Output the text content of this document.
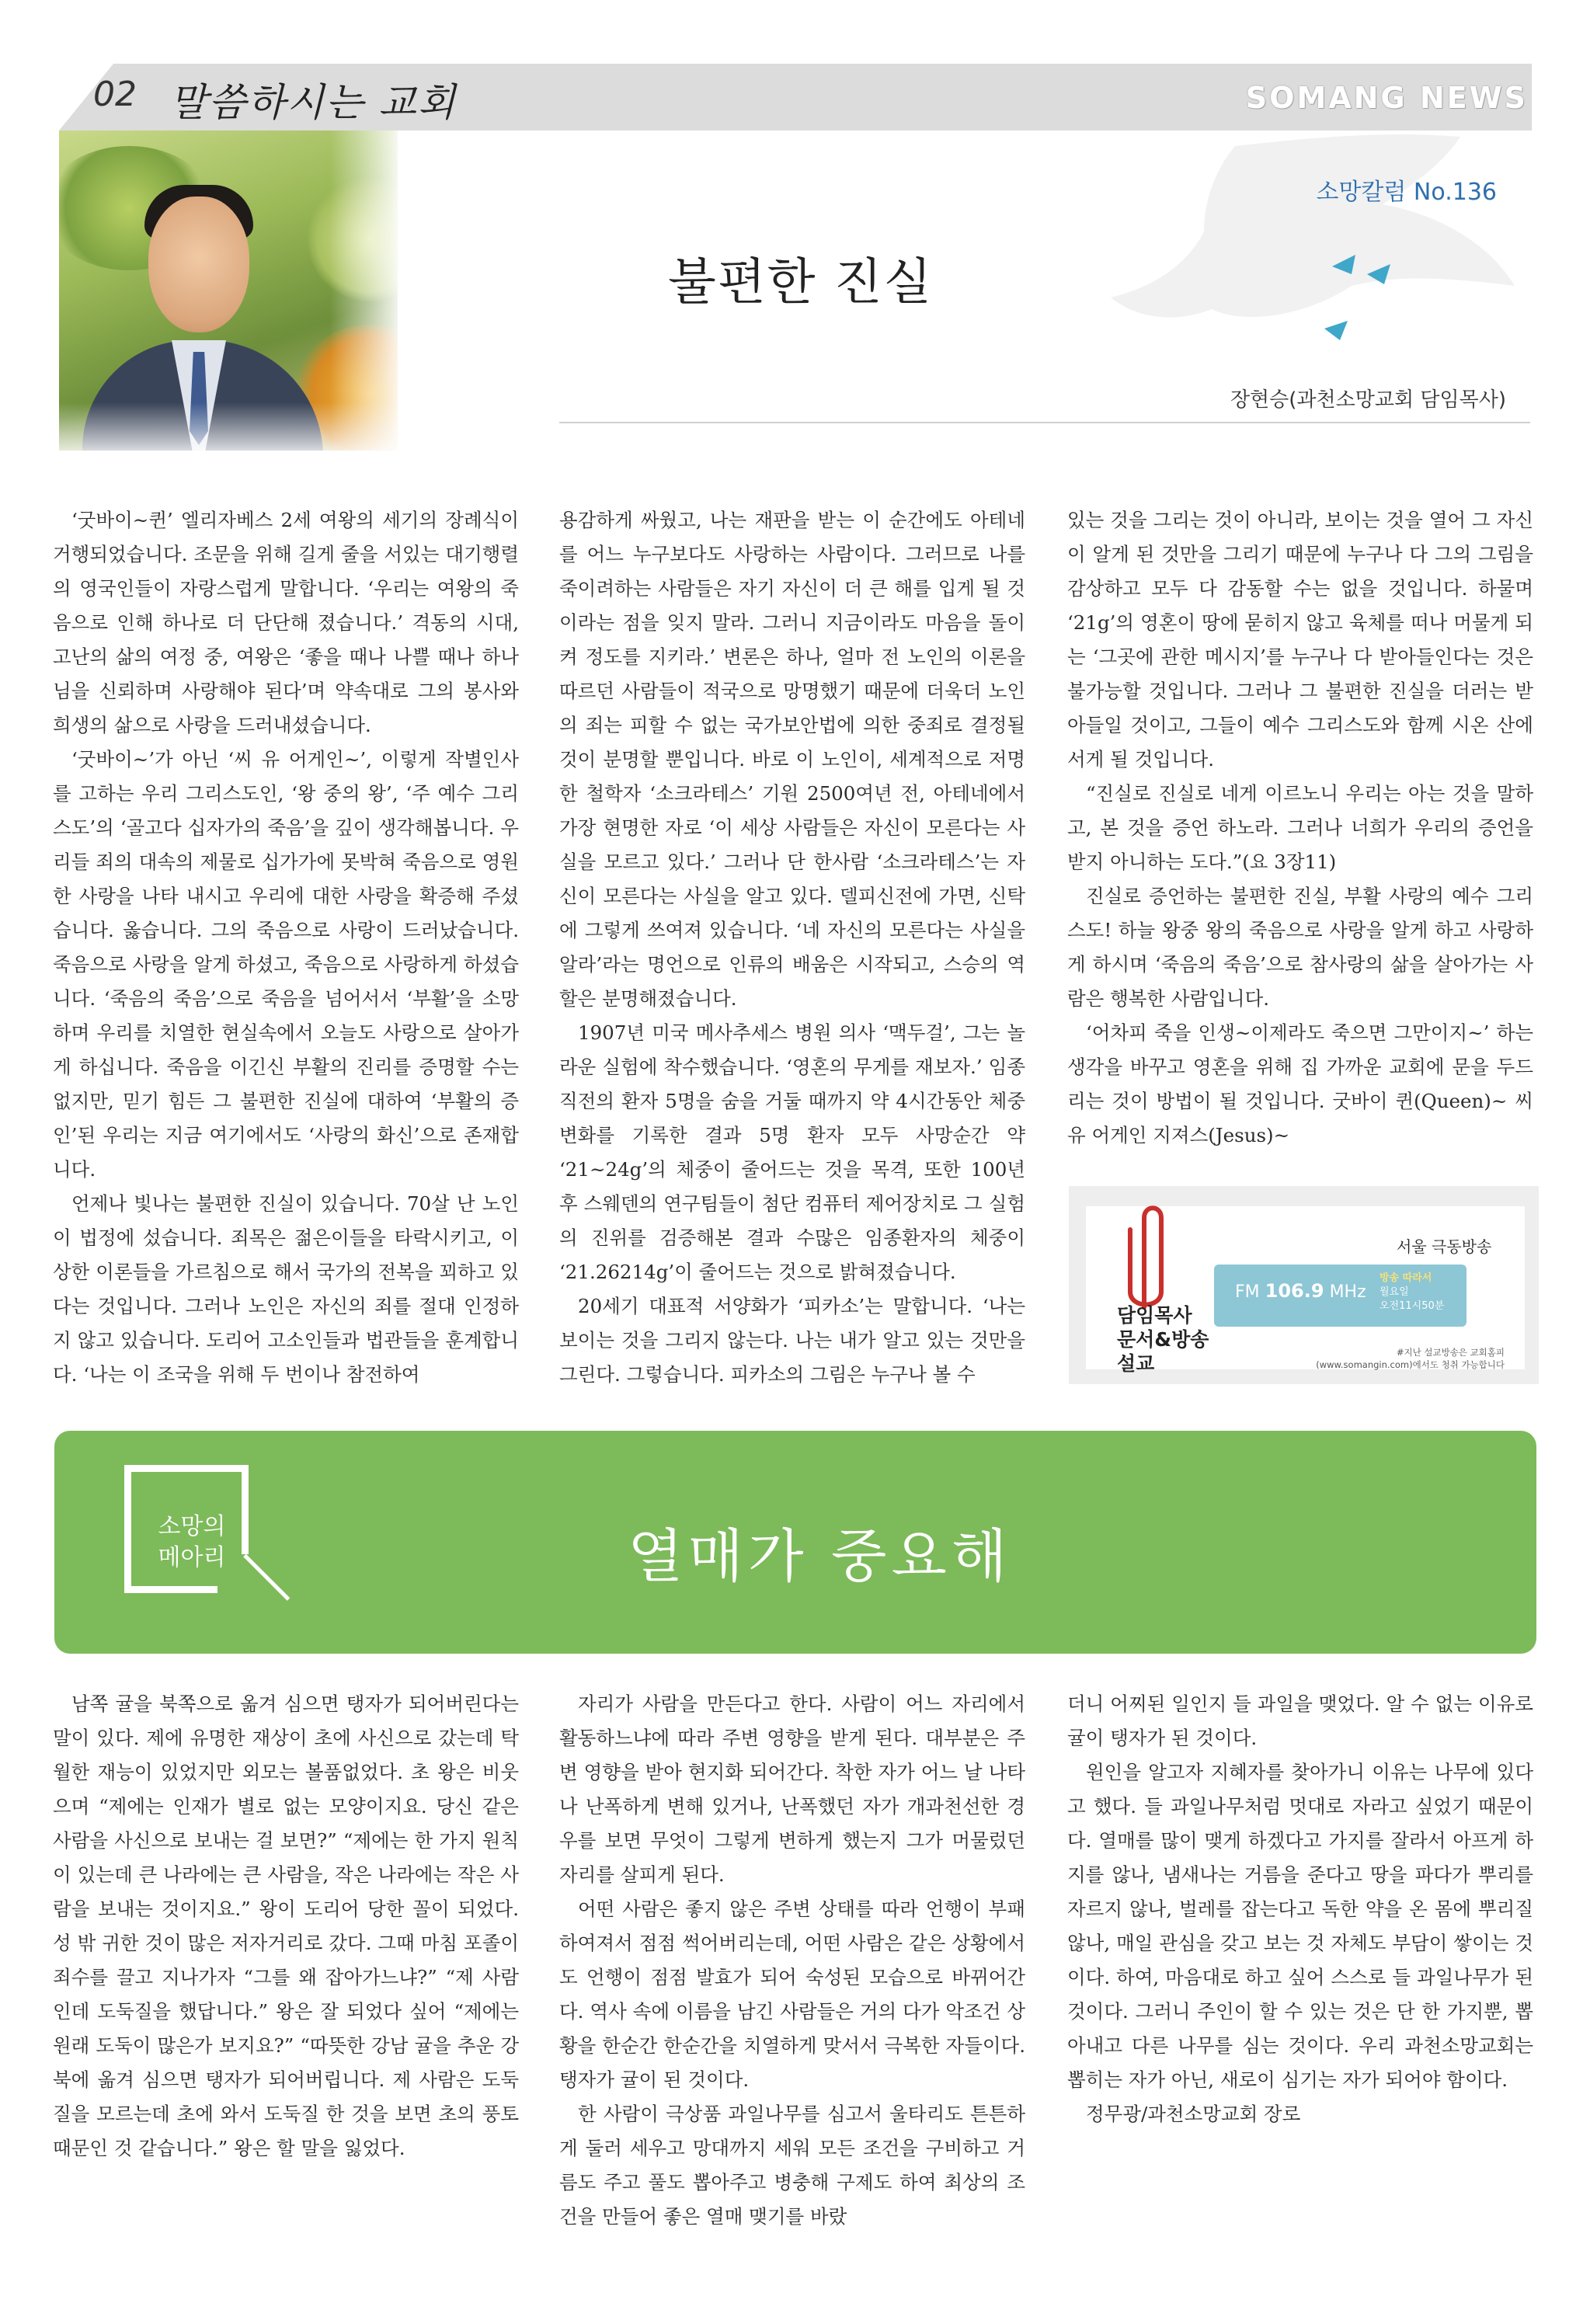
02 말씀하시는 교회	SOMANG NEWS
소망칼럼 No.136
불편한 진실
장현승(과천소망교회 담임목사)

‘굿바이~퀸’ 엘리자베스 2세 여왕의 세기의 장례식이 거행되었습니다. 조문을 위해 길게 줄을 서있는 대기행렬의 영국인들이 자랑스럽게 말합니다. ‘우리는 여왕의 죽음으로 인해 하나로 더 단단해 졌습니다.’ 격동의 시대, 고난의 삶의 여정 중, 여왕은 ‘좋을 때나 나쁠 때나 하나님을 신뢰하며 사랑해야 된다’며 약속대로 그의 봉사와 희생의 삶으로 사랑을 드러내셨습니다.

‘굿바이~’가 아닌 ‘씨 유 어게인~’, 이렇게 작별인사를 고하는 우리 그리스도인, ‘왕 중의 왕’, ‘주 예수 그리스도’의 ‘골고다 십자가의 죽음’을 깊이 생각해봅니다. 우리들 죄의 대속의 제물로 십가가에 못박혀 죽음으로 영원한 사랑을 나타 내시고 우리에 대한 사랑을 확증해 주셨습니다. 옳습니다. 그의 죽음으로 사랑이 드러났습니다. 죽음으로 사랑을 알게 하셨고, 죽음으로 사랑하게 하셨습니다. ‘죽음의 죽음’으로 죽음을 넘어서서 ‘부활’을 소망하며 우리를 치열한 현실속에서 오늘도 사랑으로 살아가게 하십니다. 죽음을 이긴신 부활의 진리를 증명할 수는 없지만, 믿기 힘든 그 불편한 진실에 대하여 ‘부활의 증인’된 우리는 지금 여기에서도 ‘사랑의 화신’으로 존재합니다.

언제나 빛나는 불편한 진실이 있습니다. 70살 난 노인이 법정에 섰습니다. 죄목은 젊은이들을 타락시키고, 이상한 이론들을 가르침으로 해서 국가의 전복을 꾀하고 있다는 것입니다. 그러나 노인은 자신의 죄를 절대 인정하지 않고 있습니다. 도리어 고소인들과 법관들을 훈계합니다. ‘나는 이 조국을 위해 두 번이나 참전하여

용감하게 싸웠고, 나는 재판을 받는 이 순간에도 아테네를 어느 누구보다도 사랑하는 사람이다. 그러므로 나를 죽이려하는 사람들은 자기 자신이 더 큰 해를 입게 될 것이라는 점을 잊지 말라. 그러니 지금이라도 마음을 돌이켜 정도를 지키라.’ 변론은 하나, 얼마 전 노인의 이론을 따르던 사람들이 적국으로 망명했기 때문에 더욱더 노인의 죄는 피할 수 없는 국가보안법에 의한 중죄로 결정될 것이 분명할 뿐입니다. 바로 이 노인이, 세계적으로 저명한 철학자 ‘소크라테스’ 기원 2500여년 전, 아테네에서 가장 현명한 자로 ‘이 세상 사람들은 자신이 모른다는 사실을 모르고 있다.’ 그러나 단 한사람 ‘소크라테스’는 자신이 모른다는 사실을 알고 있다. 델피신전에 가면, 신탁에 그렇게 쓰여져 있습니다. ‘네 자신의 모른다는 사실을 알라’라는 명언으로 인류의 배움은 시작되고, 스승의 역할은 분명해졌습니다.

1907년 미국 메사추세스 병원 의사 ‘맥두걸’, 그는 놀라운 실험에 착수했습니다. ‘영혼의 무게를 재보자.’ 임종직전의 환자 5명을 숨을 거둘 때까지 약 4시간동안 체중변화를 기록한 결과 5명 환자 모두 사망순간 약 ‘21~24g’의 체중이 줄어드는 것을 목격, 또한 100년 후 스웨덴의 연구팀들이 첨단 컴퓨터 제어장치로 그 실험의 진위를 검증해본 결과 수많은 임종환자의 체중이 ‘21.26214g’이 줄어드는 것으로 밝혀졌습니다.

20세기 대표적 서양화가 ‘피카소’는 말합니다. ‘나는 보이는 것을 그리지 않는다. 나는 내가 알고 있는 것만을 그린다. 그렇습니다. 피카소의 그림은 누구나 볼 수

있는 것을 그리는 것이 아니라, 보이는 것을 열어 그 자신이 알게 된 것만을 그리기 때문에 누구나 다 그의 그림을 감상하고 모두 다 감동할 수는 없을 것입니다. 하물며 ‘21g’의 영혼이 땅에 묻히지 않고 육체를 떠나 머물게 되는 ‘그곳에 관한 메시지’를 누구나 다 받아들인다는 것은 불가능할 것입니다. 그러나 그 불편한 진실을 더러는 받아들일 것이고, 그들이 예수 그리스도와 함께 시온 산에 서게 될 것입니다.

“진실로 진실로 네게 이르노니 우리는 아는 것을 말하고, 본 것을 증언 하노라. 그러나 너희가 우리의 증언을 받지 아니하는 도다.”(요 3장11)

진실로 증언하는 불편한 진실, 부활 사랑의 예수 그리스도! 하늘 왕중 왕의 죽음으로 사랑을 알게 하고 사랑하게 하시며 ‘죽음의 죽음’으로 참사랑의 삶을 살아가는 사람은 행복한 사람입니다.

‘어차피 죽을 인생~이제라도 죽으면 그만이지~’ 하는 생각을 바꾸고 영혼을 위해 집 가까운 교회에 문을 두드리는 것이 방법이 될 것입니다. 굿바이 퀸(Queen)~ 씨 유 어게인 지져스(Jesus)~

담임목사
문서&방송
설교
서울 극동방송
FM 106.9 MHz
방송 따라서
월요일
오전11시50분
#지난 설교방송은 교회홈피
(www.somangin.com)에서도 청취 가능합니다
소망의
메아리	열매가 중요해

남쪽 귤을 북쪽으로 옮겨 심으면 탱자가 되어버린다는 말이 있다. 제에 유명한 재상이 초에 사신으로 갔는데 탁월한 재능이 있었지만 외모는 볼품없었다. 초 왕은 비웃으며 “제에는 인재가 별로 없는 모양이지요. 당신 같은 사람을 사신으로 보내는 걸 보면?” “제에는 한 가지 원칙이 있는데 큰 나라에는 큰 사람을, 작은 나라에는 작은 사람을 보내는 것이지요.” 왕이 도리어 당한 꼴이 되었다. 성 밖 귀한 것이 많은 저자거리로 갔다. 그때 마침 포졸이 죄수를 끌고 지나가자 “그를 왜 잡아가느냐?” “제 사람인데 도둑질을 했답니다.” 왕은 잘 되었다 싶어 “제에는 원래 도둑이 많은가 보지요?” “따뜻한 강남 귤을 추운 강북에 옮겨 심으면 탱자가 되어버립니다. 제 사람은 도둑질을 모르는데 초에 와서 도둑질 한 것을 보면 초의 풍토 때문인 것 같습니다.” 왕은 할 말을 잃었다.

자리가 사람을 만든다고 한다. 사람이 어느 자리에서 활동하느냐에 따라 주변 영향을 받게 된다. 대부분은 주변 영향을 받아 현지화 되어간다. 착한 자가 어느 날 나타나 난폭하게 변해 있거나, 난폭했던 자가 개과천선한 경우를 보면 무엇이 그렇게 변하게 했는지 그가 머물렀던 자리를 살피게 된다.

어떤 사람은 좋지 않은 주변 상태를 따라 언행이 부패하여져서 점점 썩어버리는데, 어떤 사람은 같은 상황에서도 언행이 점점 발효가 되어 숙성된 모습으로 바뀌어간다. 역사 속에 이름을 남긴 사람들은 거의 다가 악조건 상황을 한순간 한순간을 치열하게 맞서서 극복한 자들이다. 탱자가 귤이 된 것이다.

한 사람이 극상품 과일나무를 심고서 울타리도 튼튼하게 둘러 세우고 망대까지 세워 모든 조건을 구비하고 거름도 주고 풀도 뽑아주고 병충해 구제도 하여 최상의 조건을 만들어 좋은 열매 맺기를 바랐

더니 어찌된 일인지 들 과일을 맺었다. 알 수 없는 이유로 귤이 탱자가 된 것이다.

원인을 알고자 지혜자를 찾아가니 이유는 나무에 있다고 했다. 들 과일나무처럼 멋대로 자라고 싶었기 때문이다. 열매를 많이 맺게 하겠다고 가지를 잘라서 아프게 하지를 않나, 냄새나는 거름을 준다고 땅을 파다가 뿌리를 자르지 않나, 벌레를 잡는다고 독한 약을 온 몸에 뿌리질 않나, 매일 관심을 갖고 보는 것 자체도 부담이 쌓이는 것이다. 하여, 마음대로 하고 싶어 스스로 들 과일나무가 된 것이다. 그러니 주인이 할 수 있는 것은 단 한 가지뿐, 뽑아내고 다른 나무를 심는 것이다. 우리 과천소망교회는 뽑히는 자가 아닌, 새로이 심기는 자가 되어야 함이다.

정무광/과천소망교회 장로
